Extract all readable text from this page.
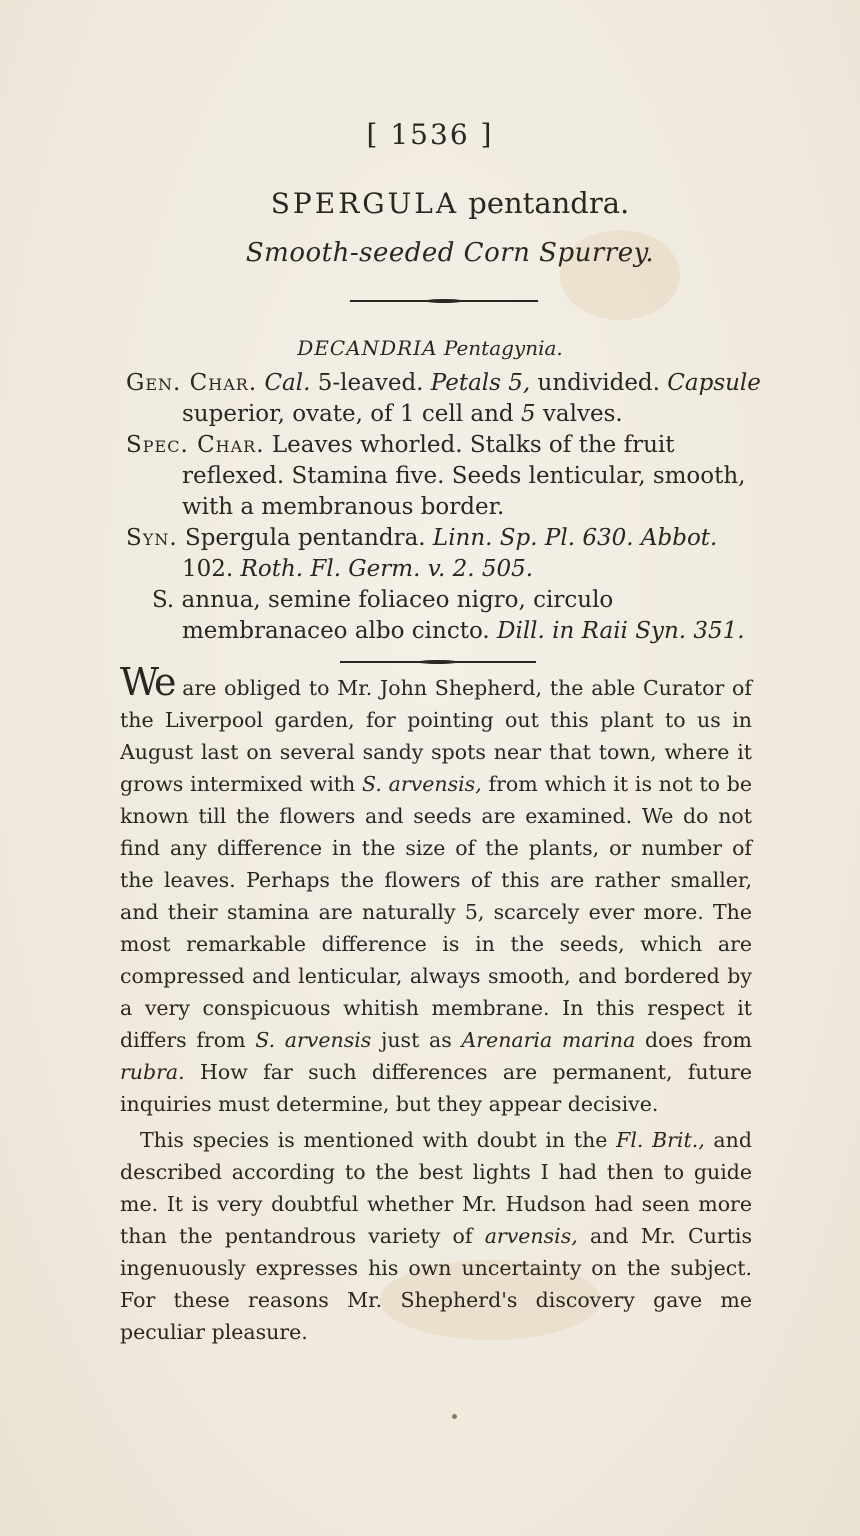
[ 1536 ]
SPERGULA pentandra.
Smooth-seeded Corn Spurrey.
DECANDRIA Pentagynia.

Gen. Char. Cal. 5-leaved. Petals 5, undivided. Capsule superior, ovate, of 1 cell and 5 valves.

Spec. Char. Leaves whorled. Stalks of the fruit reflexed. Stamina five. Seeds lenticular, smooth, with a membranous border.

Syn. Spergula pentandra. Linn. Sp. Pl. 630. Abbot. 102. Roth. Fl. Germ. v. 2. 505.

S. annua, semine foliaceo nigro, circulo membranaceo albo cincto. Dill. in Raii Syn. 351.

We are obliged to Mr. John Shepherd, the able Curator of the Liverpool garden, for pointing out this plant to us in August last on several sandy spots near that town, where it grows intermixed with S. arvensis, from which it is not to be known till the flowers and seeds are examined. We do not find any difference in the size of the plants, or number of the leaves. Perhaps the flowers of this are rather smaller, and their stamina are naturally 5, scarcely ever more. The most remarkable difference is in the seeds, which are compressed and lenticular, always smooth, and bordered by a very conspicuous whitish membrane. In this respect it differs from S. arvensis just as Arenaria marina does from rubra. How far such differences are permanent, future inquiries must determine, but they appear decisive.

This species is mentioned with doubt in the Fl. Brit., and described according to the best lights I had then to guide me. It is very doubtful whether Mr. Hudson had seen more than the pentandrous variety of arvensis, and Mr. Curtis ingenuously expresses his own uncertainty on the subject. For these reasons Mr. Shepherd's discovery gave me peculiar pleasure.
